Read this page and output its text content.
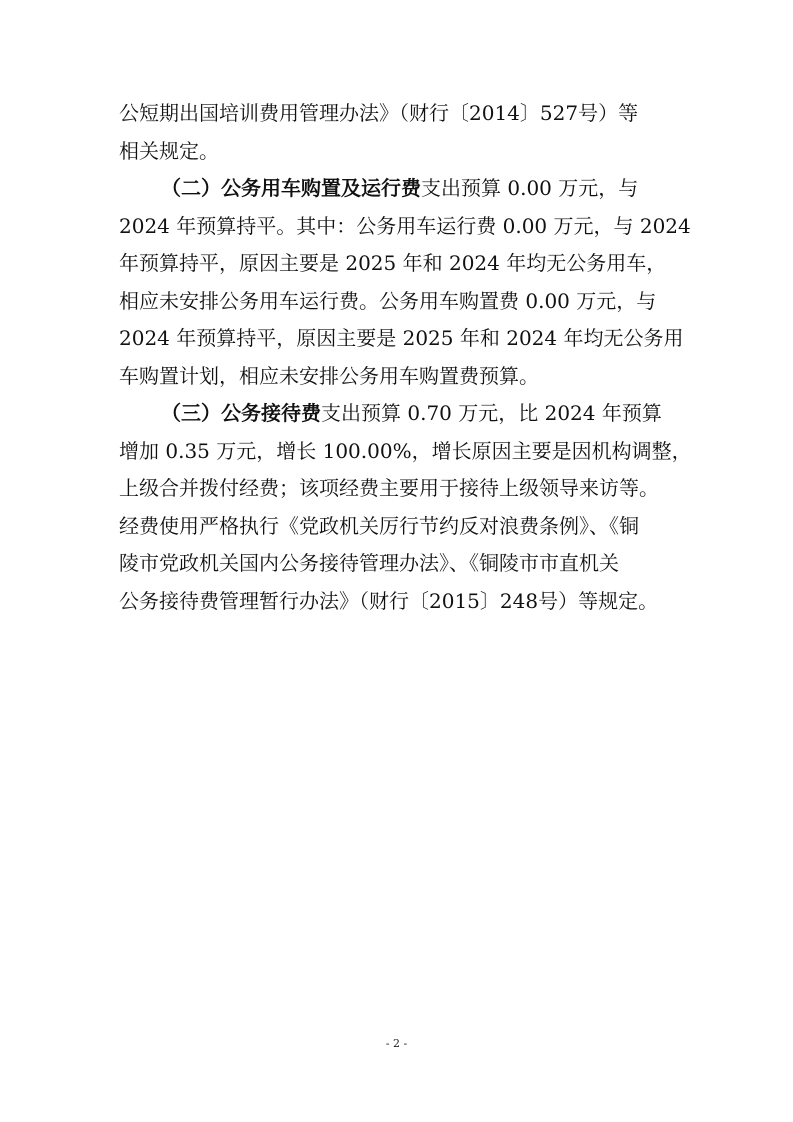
公短期出国培训费用管理办法》（财行〔2014〕527号）等
相关规定。
（二）公务用车购置及运行费支出预算 0.00 万元，与
2024 年预算持平。其中：公务用车运行费 0.00 万元，与 2024
年预算持平，原因主要是 2025 年和 2024 年均无公务用车，
相应未安排公务用车运行费。公务用车购置费 0.00 万元，与
2024 年预算持平，原因主要是 2025 年和 2024 年均无公务用
车购置计划，相应未安排公务用车购置费预算。
（三）公务接待费支出预算 0.70 万元，比 2024 年预算
增加 0.35 万元，增长 100.00%，增长原因主要是因机构调整，
上级合并拨付经费；该项经费主要用于接待上级领导来访等。
经费使用严格执行《党政机关厉行节约反对浪费条例》、《铜
陵市党政机关国内公务接待管理办法》、《铜陵市市直机关
公务接待费管理暂行办法》（财行〔2015〕248号）等规定。
- 2 -
